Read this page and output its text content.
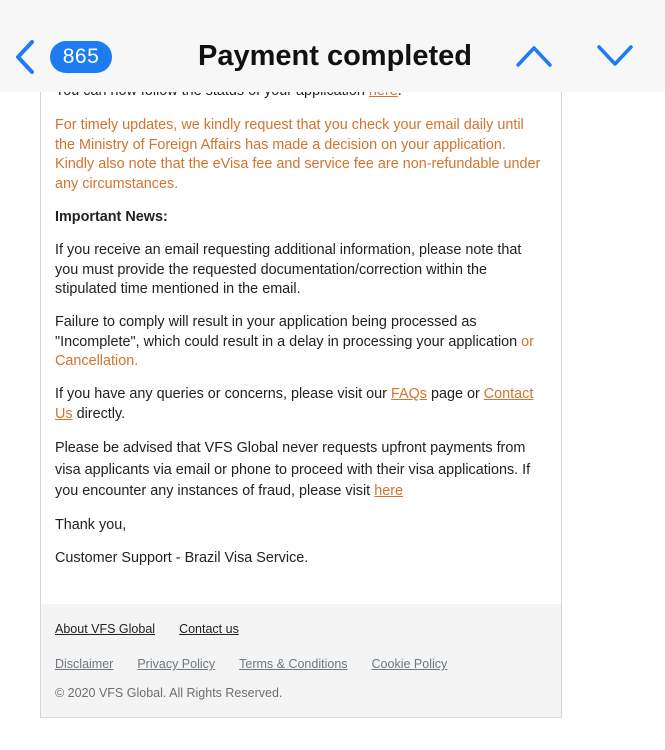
865	Payment completed

For timely updates, we kindly request that you check your email daily until the Ministry of Foreign Affairs has made a decision on your application. Kindly also note that the eVisa fee and service fee are non-refundable under any circumstances.

Important News:

If you receive an email requesting additional information, please note that you must provide the requested documentation/correction within the stipulated time mentioned in the email.

Failure to comply will result in your application being processed as "Incomplete", which could result in a delay in processing your application or Cancellation.

If you have any queries or concerns, please visit our FAQs page or Contact Us directly.

Please be advised that VFS Global never requests upfront payments from visa applicants via email or phone to proceed with their visa applications. If you encounter any instances of fraud, please visit here

Thank you,

Customer Support - Brazil Visa Service.

About VFS Global Contact us
Disclaimer Privacy Policy Terms & Conditions Cookie Policy
© 2020 VFS Global. All Rights Reserved.
